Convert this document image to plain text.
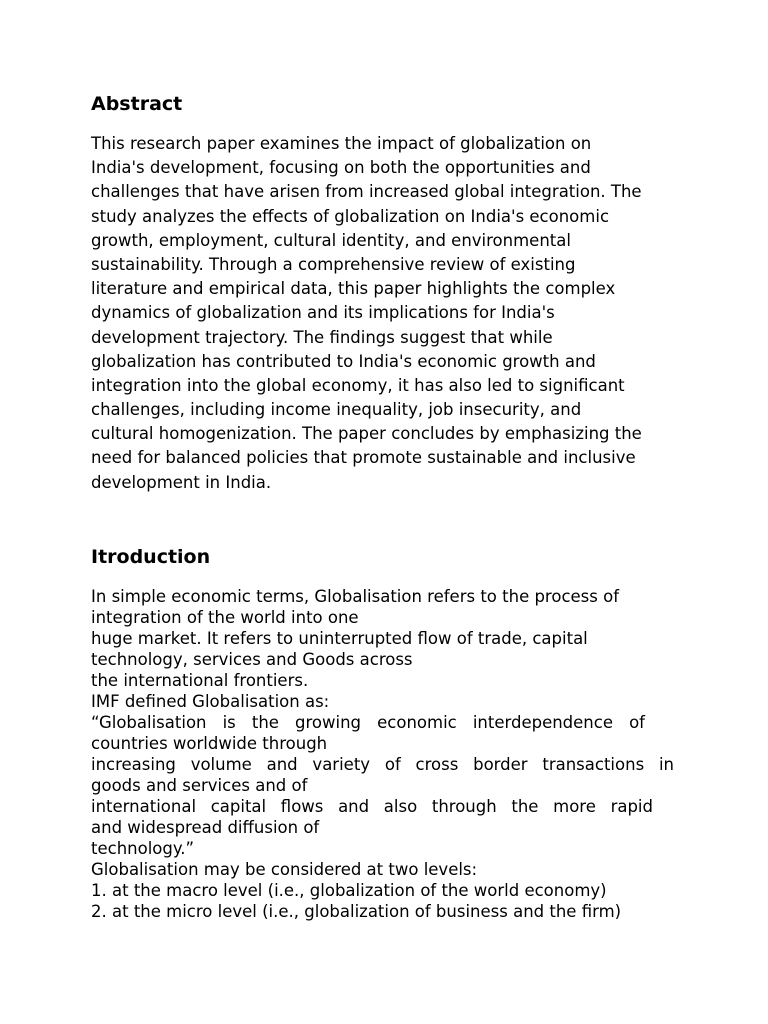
Abstract
This research paper examines the impact of globalization on
India's development, focusing on both the opportunities and
challenges that have arisen from increased global integration. The
study analyzes the effects of globalization on India's economic
growth, employment, cultural identity, and environmental
sustainability. Through a comprehensive review of existing
literature and empirical data, this paper highlights the complex
dynamics of globalization and its implications for India's
development trajectory. The findings suggest that while
globalization has contributed to India's economic growth and
integration into the global economy, it has also led to significant
challenges, including income inequality, job insecurity, and
cultural homogenization. The paper concludes by emphasizing the
need for balanced policies that promote sustainable and inclusive
development in India.
Itroduction
In simple economic terms, Globalisation refers to the process of
integration of the world into one
huge market. It refers to uninterrupted flow of trade, capital
technology, services and Goods across
the international frontiers.
IMF defined Globalisation as:
“Globalisation is the growing economic interdependence of
countries worldwide through
increasing volume and variety of cross border transactions in
goods and services and of
international capital flows and also through the more rapid
and widespread diffusion of
technology.”
Globalisation may be considered at two levels:
1. at the macro level (i.e., globalization of the world economy)
2. at the micro level (i.e., globalization of business and the firm)
